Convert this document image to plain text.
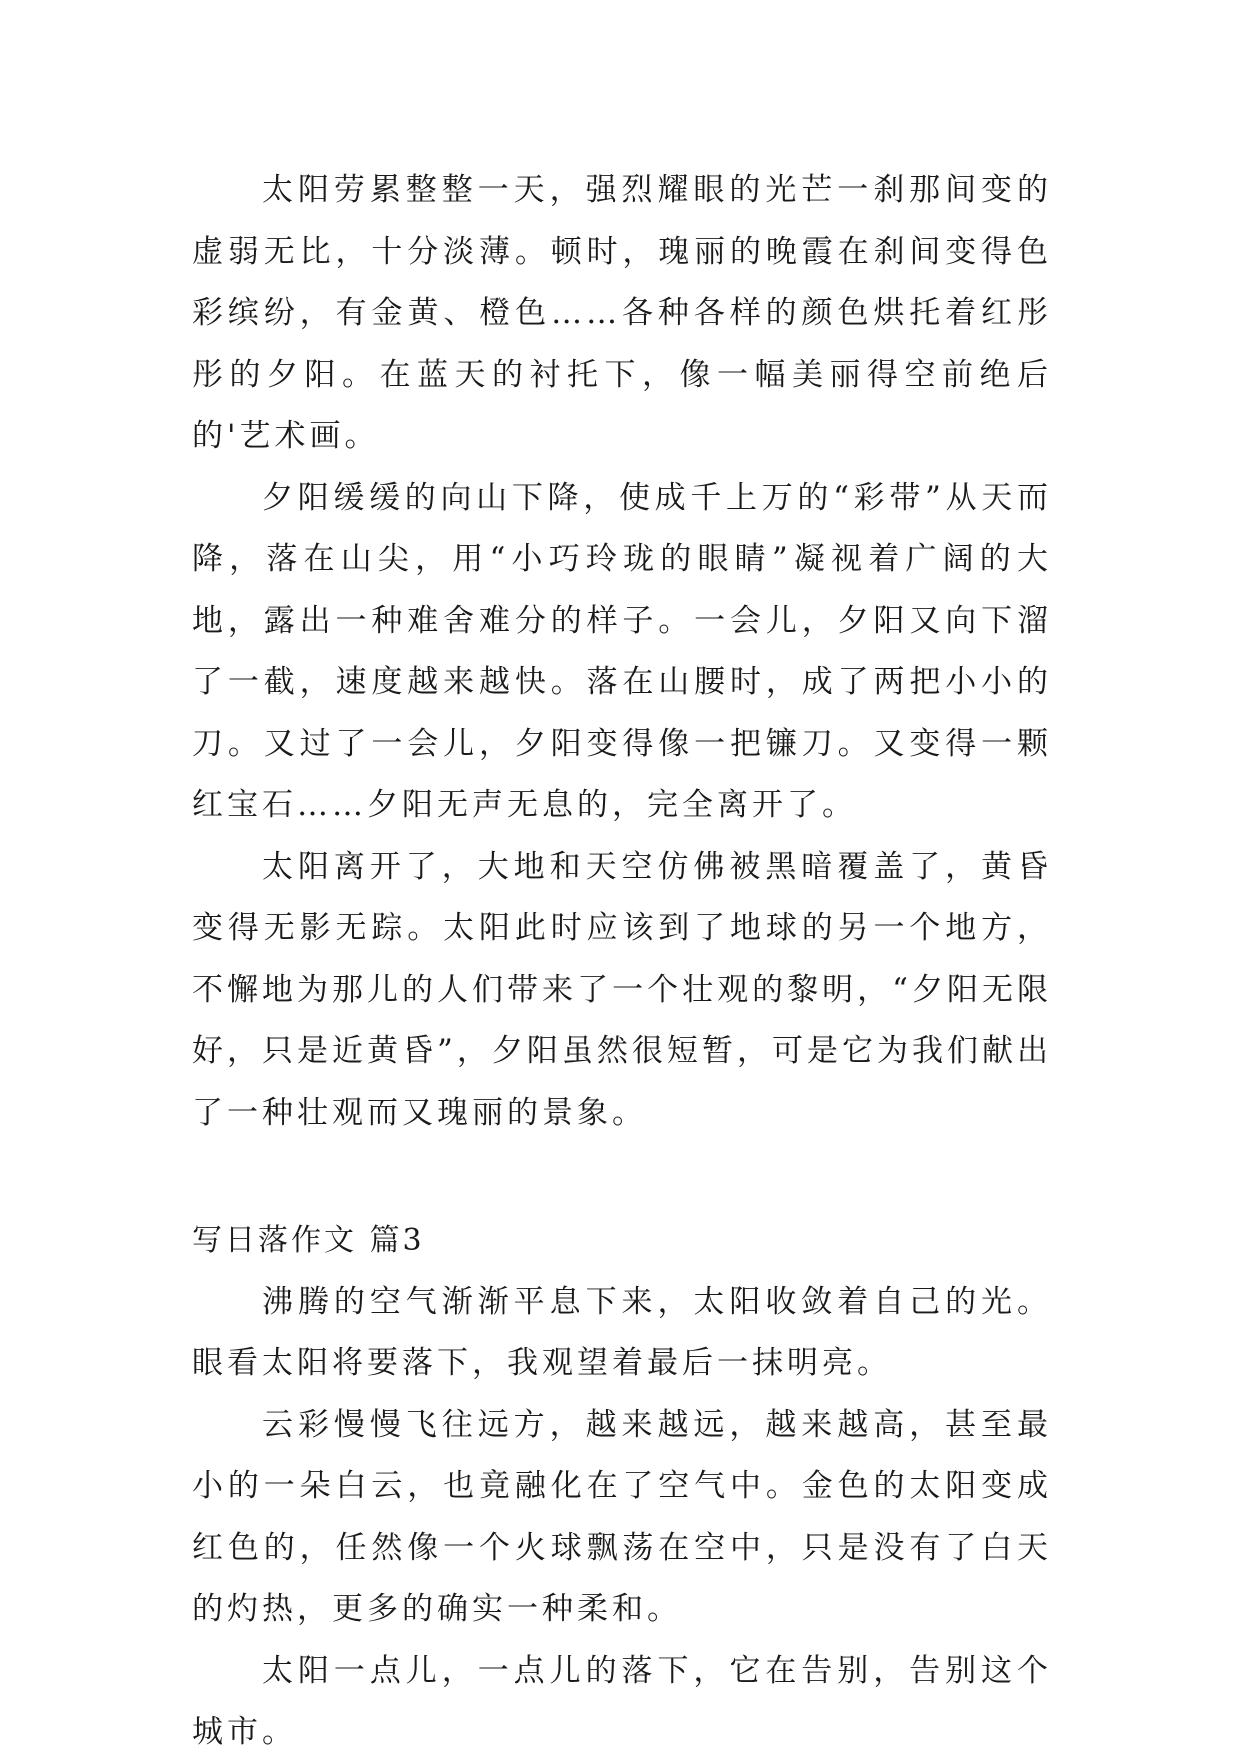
太阳劳累整整一天，强烈耀眼的光芒一刹那间变的虚弱无比，十分淡薄。顿时，瑰丽的晚霞在刹间变得色彩缤纷，有金黄、橙色……各种各样的颜色烘托着红彤彤的夕阳。在蓝天的衬托下，像一幅美丽得空前绝后的'艺术画。

夕阳缓缓的向山下降，使成千上万的“彩带”从天而降，落在山尖，用“小巧玲珑的眼睛”凝视着广阔的大地，露出一种难舍难分的样子。一会儿，夕阳又向下溜了一截，速度越来越快。落在山腰时，成了两把小小的刀。又过了一会儿，夕阳变得像一把镰刀。又变得一颗红宝石……夕阳无声无息的，完全离开了。

太阳离开了，大地和天空仿佛被黑暗覆盖了，黄昏变得无影无踪。太阳此时应该到了地球的另一个地方，不懈地为那儿的人们带来了一个壮观的黎明，“夕阳无限好，只是近黄昏”，夕阳虽然很短暂，可是它为我们献出了一种壮观而又瑰丽的景象。

写日落作文 篇3

沸腾的空气渐渐平息下来，太阳收敛着自己的光。眼看太阳将要落下，我观望着最后一抹明亮。

云彩慢慢飞往远方，越来越远，越来越高，甚至最小的一朵白云，也竟融化在了空气中。金色的太阳变成红色的，任然像一个火球飘荡在空中，只是没有了白天的灼热，更多的确实一种柔和。

太阳一点儿，一点儿的落下，它在告别，告别这个城市。
